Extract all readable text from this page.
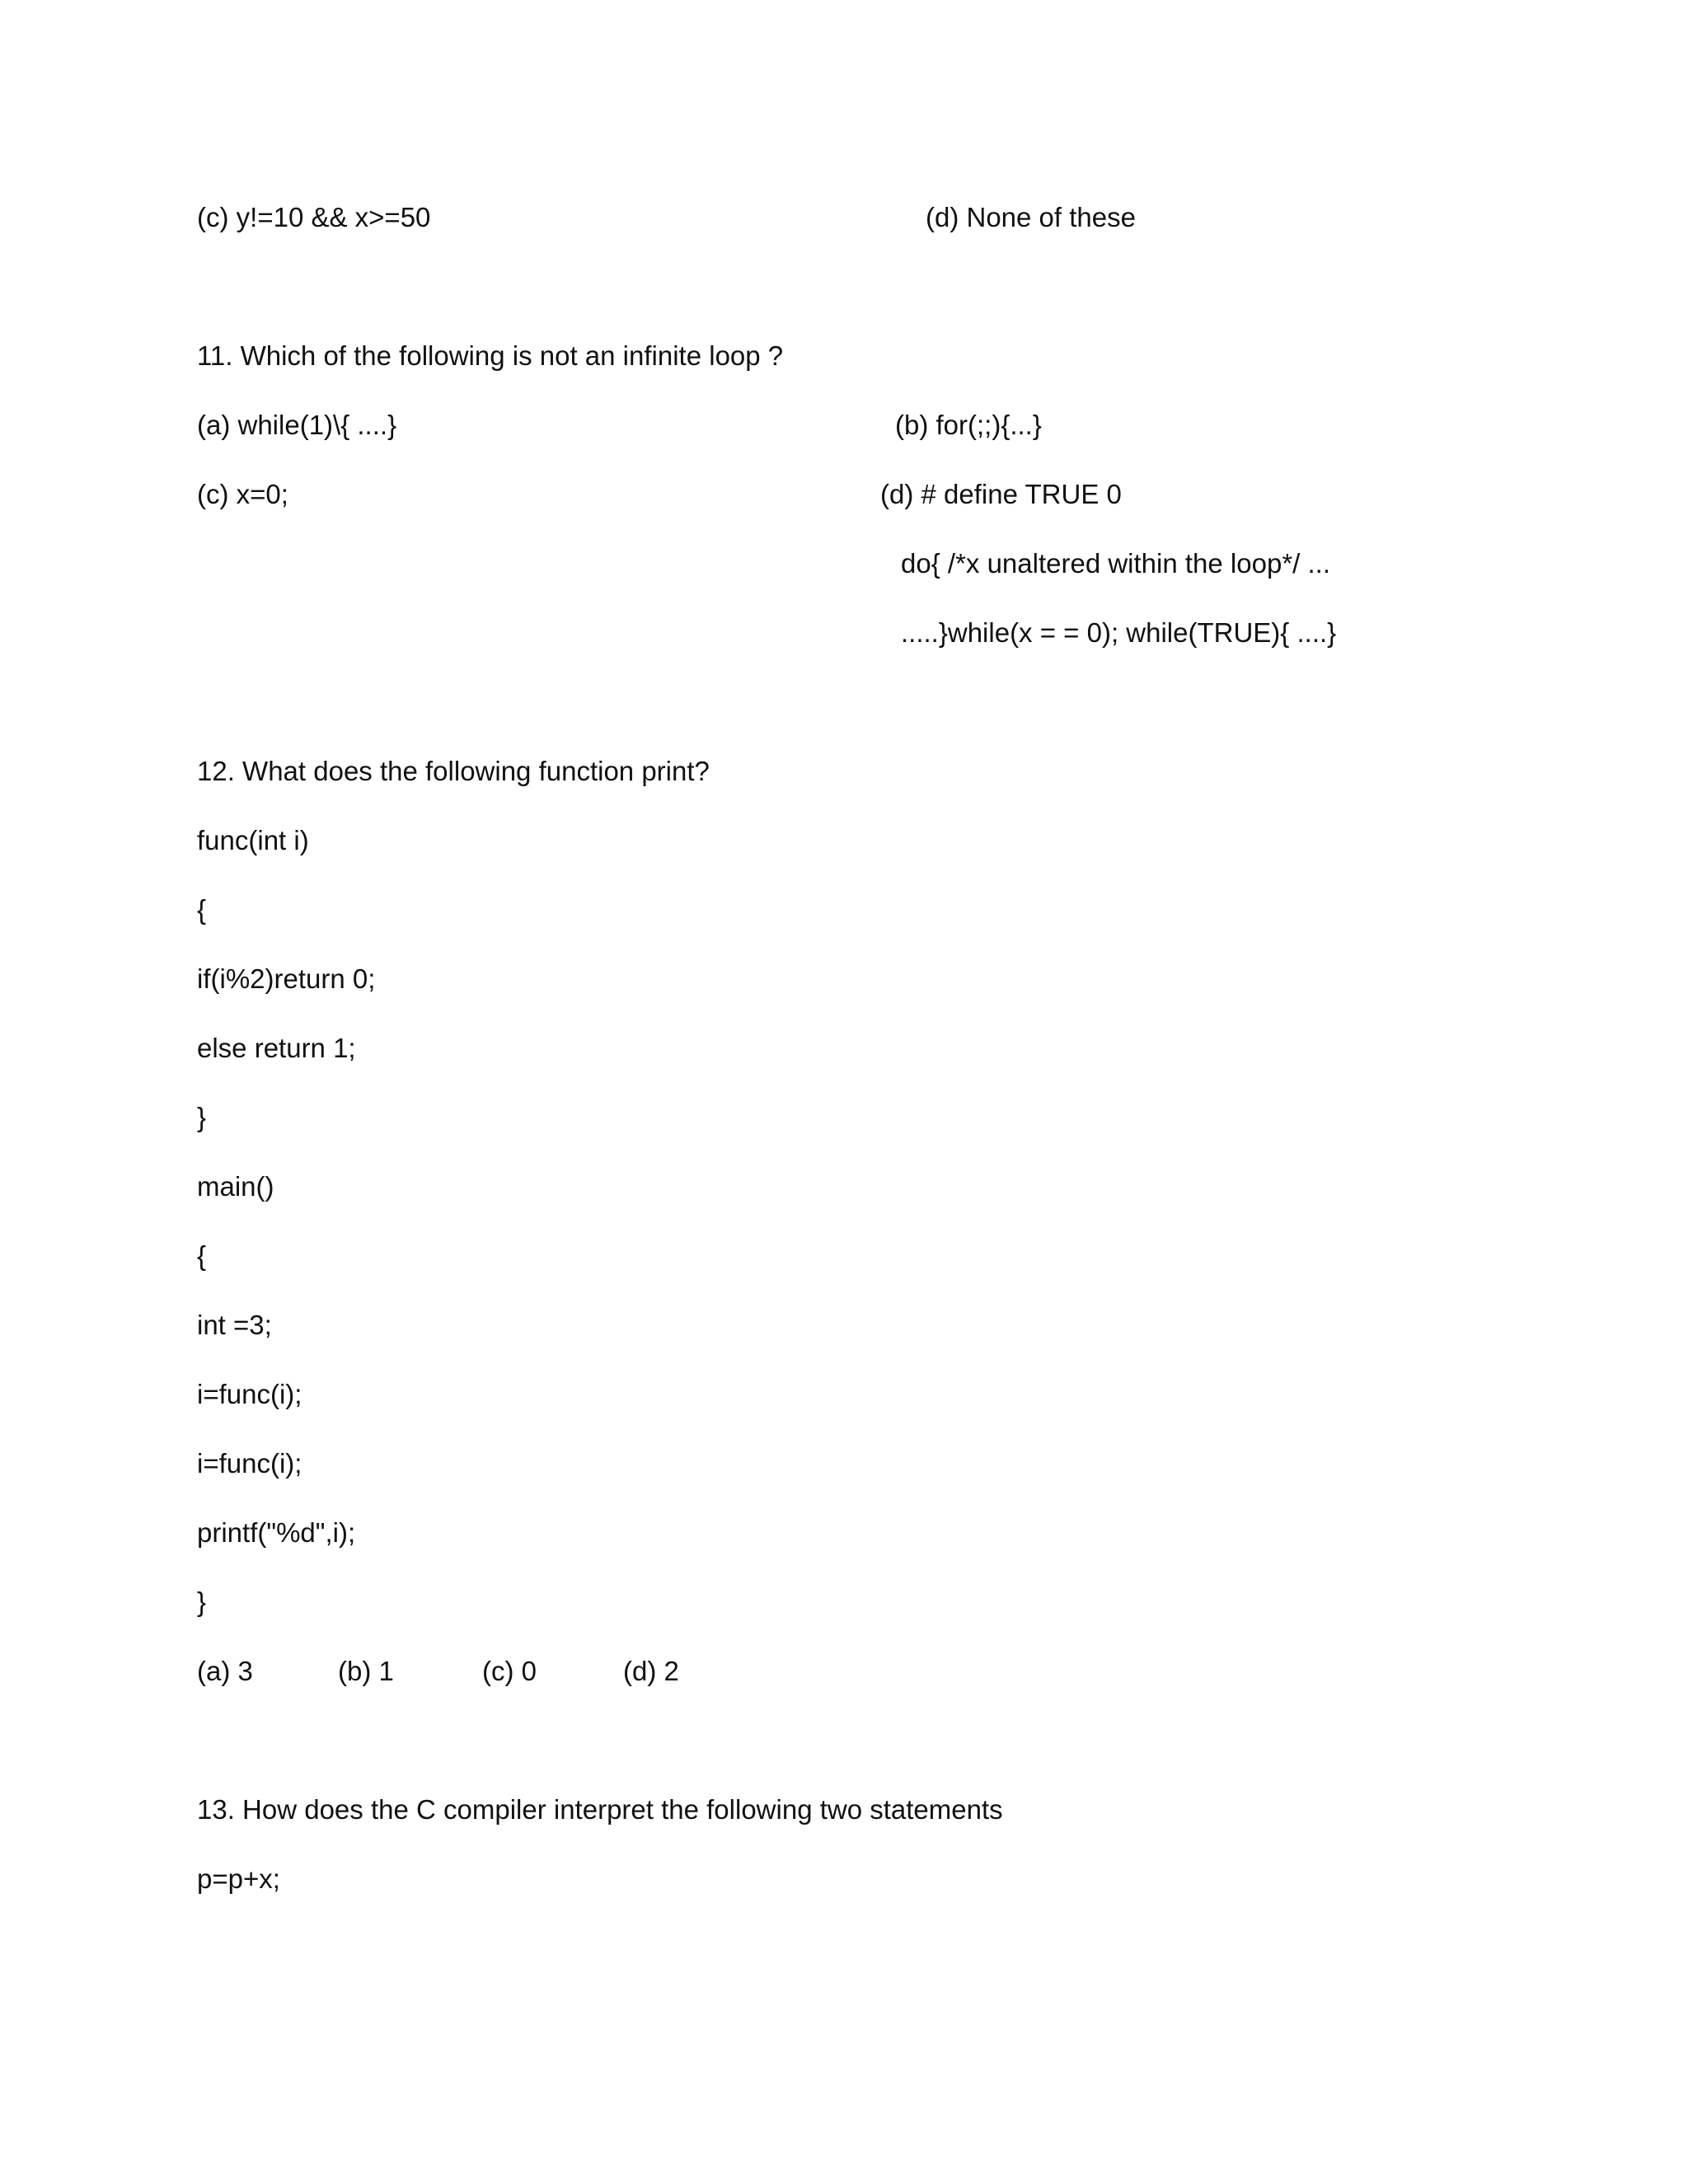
(c) y!=10 && x>=50	(d) None of these
11. Which of the following is not an infinite loop ?
(a) while(1)\{ ....}	(b) for(;;){...}
(c) x=0;	(d) # define TRUE 0
do{ /*x unaltered within the loop*/ ...
.....}while(x = = 0); while(TRUE){ ....}
12. What does the following function print?
func(int i)
{
if(i%2)return 0;
else return 1;
}
main()
{
int =3;
i=func(i);
i=func(i);
printf("%d",i);
}
(a) 3	(b) 1	(c) 0	(d) 2
13. How does the C compiler interpret the following two statements
p=p+x;
